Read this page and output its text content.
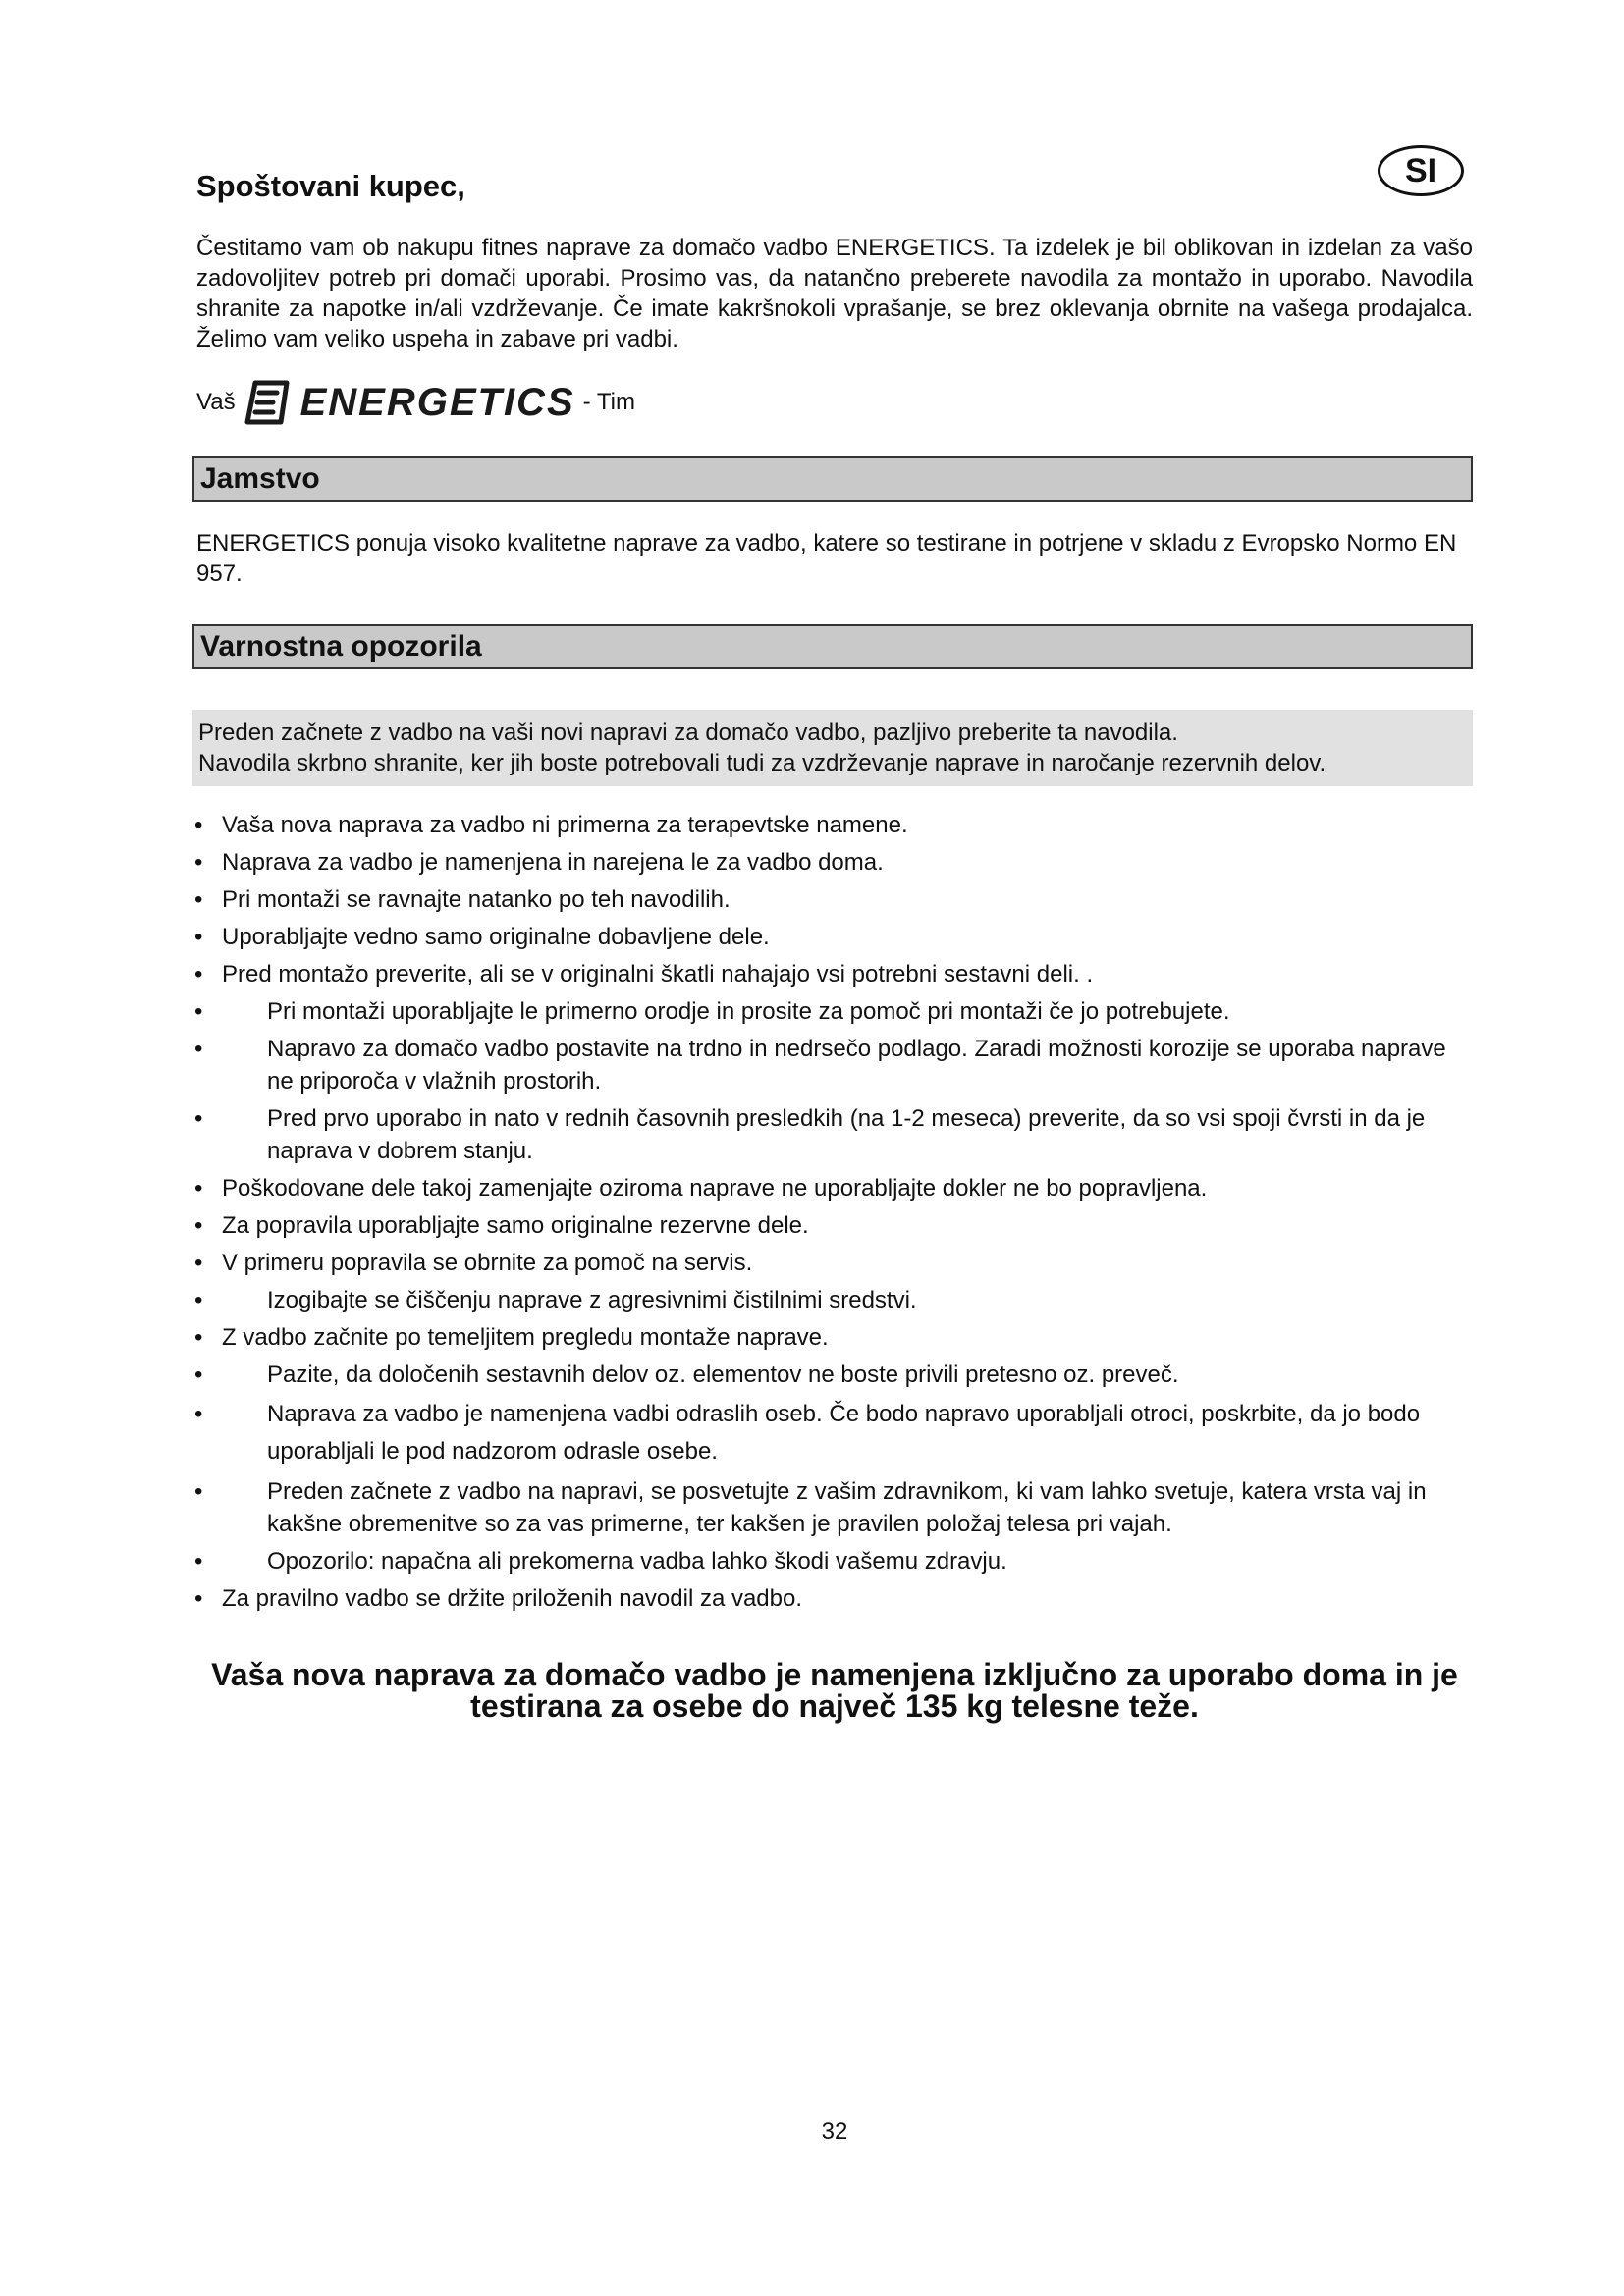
Spoštovani kupec,	SI

Čestitamo vam ob nakupu fitnes naprave za domačo vadbo ENERGETICS. Ta izdelek je bil oblikovan in izdelan za vašo zadovoljitev potreb pri domači uporabi. Prosimo vas, da natančno preberete navodila za montažo in uporabo. Navodila shranite za napotke in/ali vzdrževanje. Če imate kakršnokoli vprašanje, se brez oklevanja obrnite na vašega prodajalca. Želimo vam veliko uspeha in zabave pri vadbi.

Vaš ENERGETICS - Tim
Jamstvo

ENERGETICS ponuja visoko kvalitetne naprave za vadbo, katere so testirane in potrjene v skladu z Evropsko Normo EN 957.

Varnostna opozorila

Preden začnete z vadbo na vaši novi napravi za domačo vadbo, pazljivo preberite ta navodila.

Navodila skrbno shranite, ker jih boste potrebovali tudi za vzdrževanje naprave in naročanje rezervnih delov.

• Vaša nova naprava za vadbo ni primerna za terapevtske namene.
• Naprava za vadbo je namenjena in narejena le za vadbo doma.
• Pri montaži se ravnajte natanko po teh navodilih.
• Uporabljajte vedno samo originalne dobavljene dele.
• Pred montažo preverite, ali se v originalni škatli nahajajo vsi potrebni sestavni deli. .
•	Pri montaži uporabljajte le primerno orodje in prosite za pomoč pri montaži če jo potrebujete.
•	Napravo za domačo vadbo postavite na trdno in nedrsečo podlago. Zaradi možnosti korozije se uporaba naprave ne priporoča v vlažnih prostorih.
•	Pred prvo uporabo in nato v rednih časovnih presledkih (na 1-2 meseca) preverite, da so vsi spoji čvrsti in da je naprava v dobrem stanju.
• Poškodovane dele takoj zamenjajte oziroma naprave ne uporabljajte dokler ne bo popravljena.
• Za popravila uporabljajte samo originalne rezervne dele.
• V primeru popravila se obrnite za pomoč na servis.
•	Izogibajte se čiščenju naprave z agresivnimi čistilnimi sredstvi.
• Z vadbo začnite po temeljitem pregledu montaže naprave.
•	Pazite, da določenih sestavnih delov oz. elementov ne boste privili pretesno oz. preveč.
•	Naprava za vadbo je namenjena vadbi odraslih oseb. Če bodo napravo uporabljali otroci, poskrbite, da jo bodo uporabljali le pod nadzorom odrasle osebe.
•	Preden začnete z vadbo na napravi, se posvetujte z vašim zdravnikom, ki vam lahko svetuje, katera vrsta vaj in kakšne obremenitve so za vas primerne, ter kakšen je pravilen položaj telesa pri vajah.
•	Opozorilo: napačna ali prekomerna vadba lahko škodi vašemu zdravju.
• Za pravilno vadbo se držite priloženih navodil za vadbo.
Vaša nova naprava za domačo vadbo je namenjena izključno za uporabo doma in je
testirana za osebe do največ 135 kg telesne teže.
32
